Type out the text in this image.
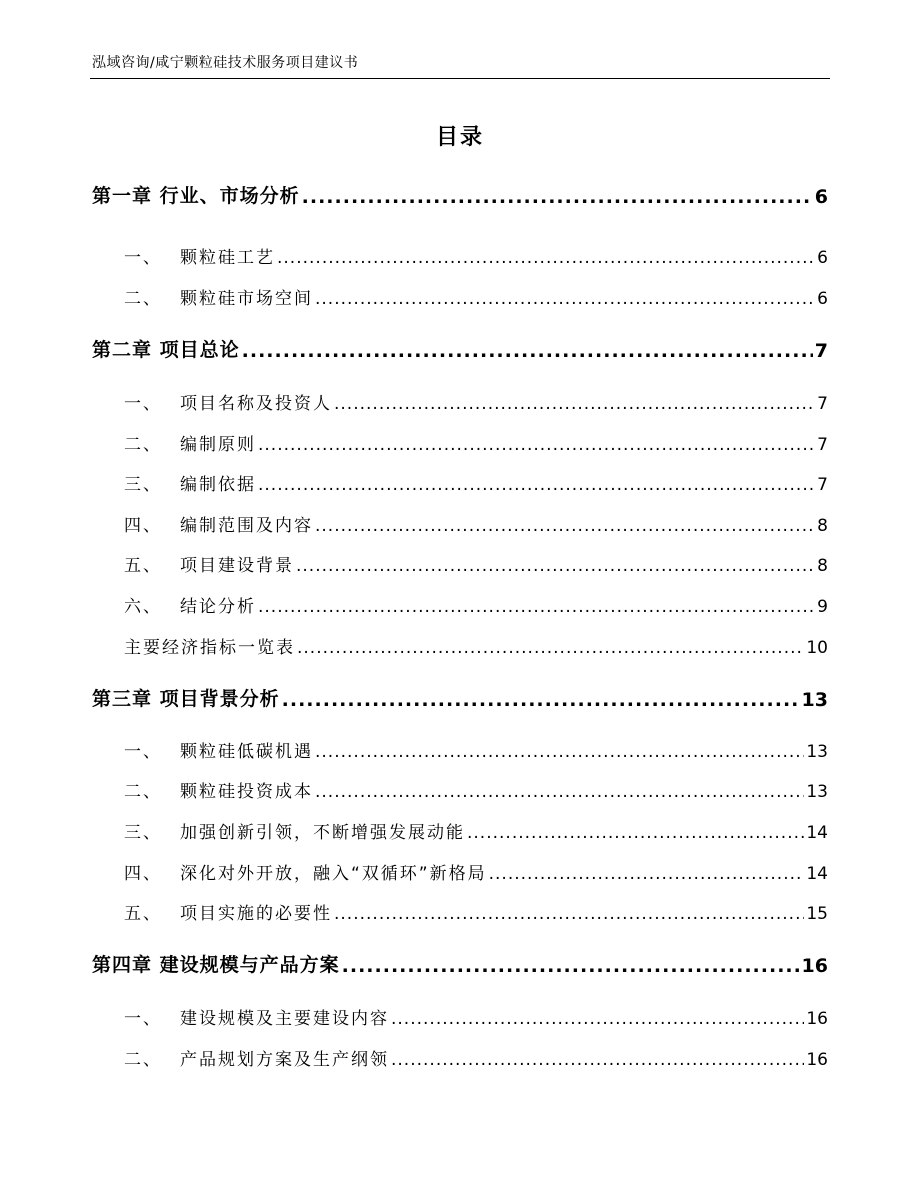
泓域咨询/咸宁颗粒硅技术服务项目建议书
目录
第一章 行业、市场分析 .....	6
一、 颗粒硅工艺 .....	6
二、 颗粒硅市场空间 .....	6
第二章 项目总论 .....	7
一、 项目名称及投资人 .....	7
二、 编制原则 .....	7
三、 编制依据 .....	7
四、 编制范围及内容 .....	8
五、 项目建设背景 .....	8
六、 结论分析 .....	9
主要经济指标一览表 .....	10
第三章 项目背景分析 .....	13
一、 颗粒硅低碳机遇 .....	13
二、 颗粒硅投资成本 .....	13
三、 加强创新引领，不断增强发展动能 .....	14
四、 深化对外开放，融入“双循环”新格局 .....	14
五、 项目实施的必要性 .....	15
第四章 建设规模与产品方案 .....	16
一、 建设规模及主要建设内容 .....	16
二、 产品规划方案及生产纲领 .....	16
